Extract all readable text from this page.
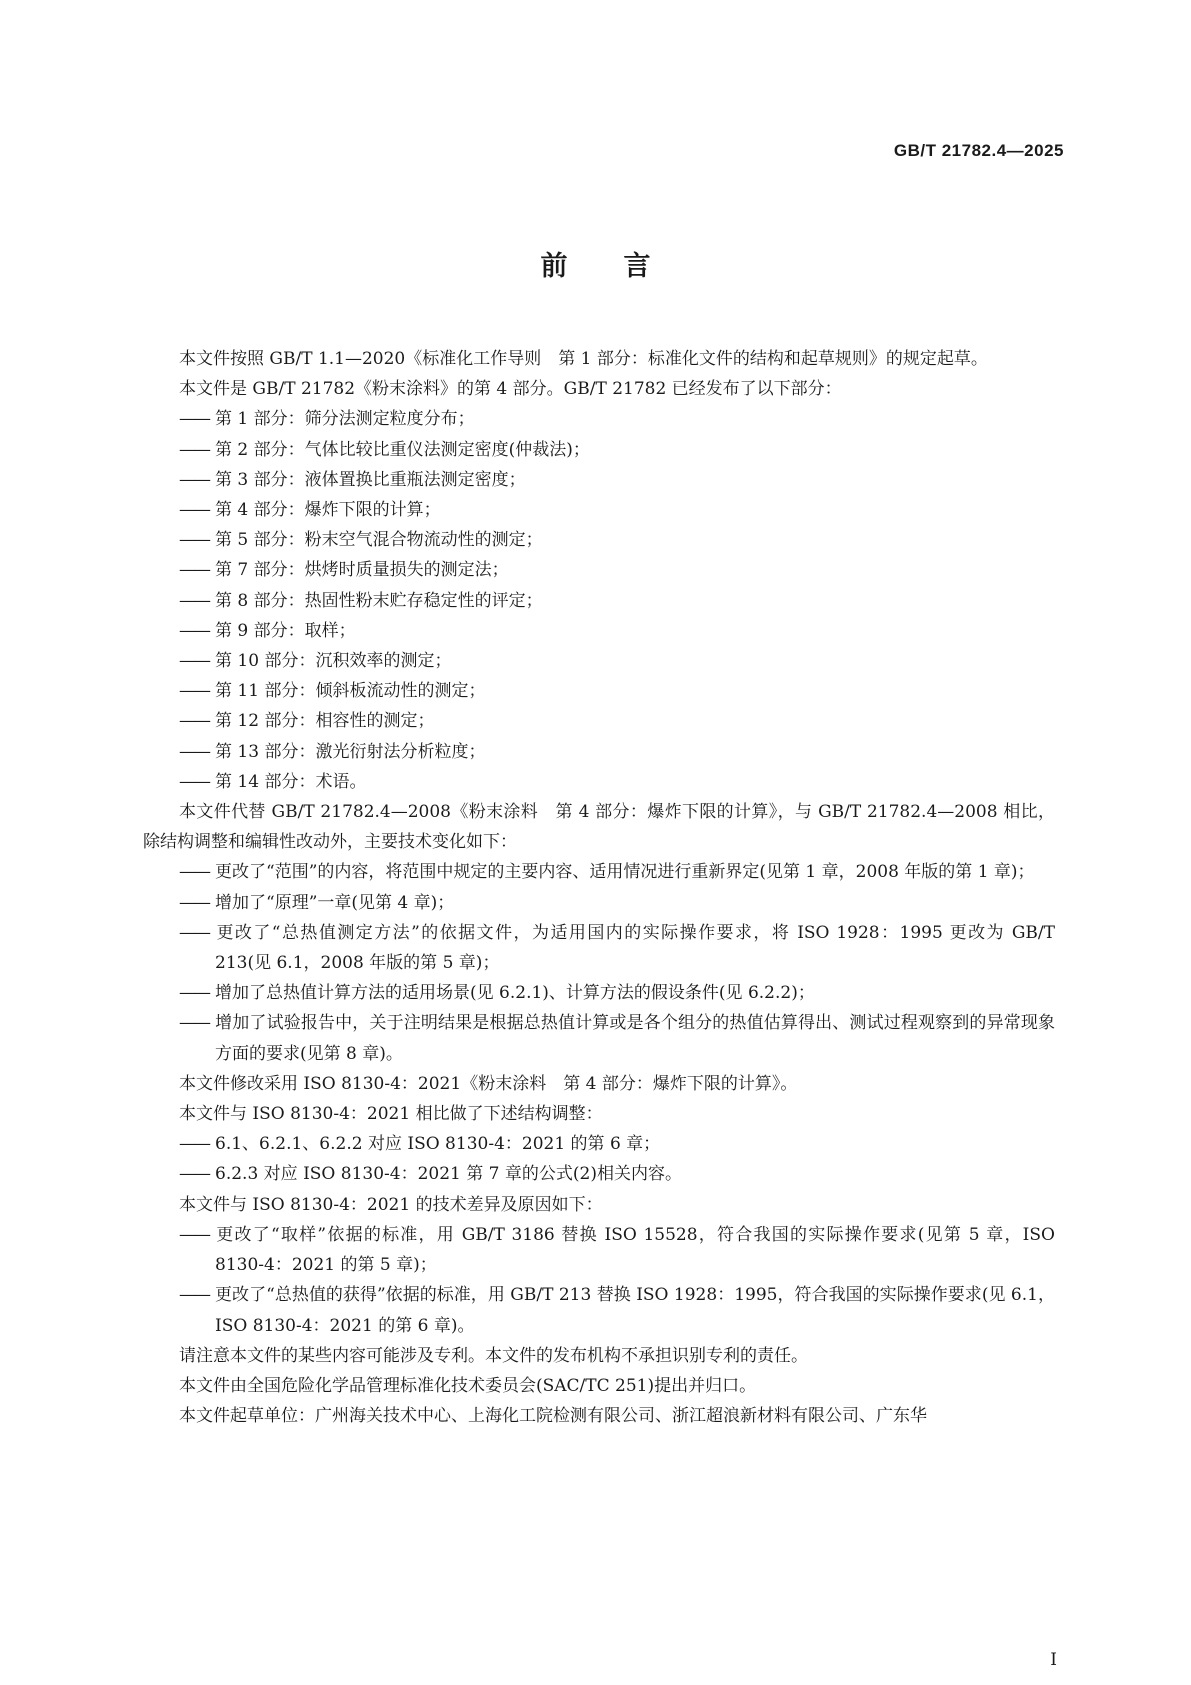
GB/T 21782.4—2025
前言

本文件按照 GB/T 1.1—2020《标准化工作导则　第 1 部分：标准化文件的结构和起草规则》的规定起草。

本文件是 GB/T 21782《粉末涂料》的第 4 部分。GB/T 21782 已经发布了以下部分：

—— 第 1 部分：筛分法测定粒度分布；

—— 第 2 部分：气体比较比重仪法测定密度(仲裁法)；

—— 第 3 部分：液体置换比重瓶法测定密度；

—— 第 4 部分：爆炸下限的计算；

—— 第 5 部分：粉末空气混合物流动性的测定；

—— 第 7 部分：烘烤时质量损失的测定法；

—— 第 8 部分：热固性粉末贮存稳定性的评定；

—— 第 9 部分：取样；

—— 第 10 部分：沉积效率的测定；

—— 第 11 部分：倾斜板流动性的测定；

—— 第 12 部分：相容性的测定；

—— 第 13 部分：激光衍射法分析粒度；

—— 第 14 部分：术语。

本文件代替 GB/T 21782.4—2008《粉末涂料　第 4 部分：爆炸下限的计算》，与 GB/T 21782.4—2008 相比，除结构调整和编辑性改动外，主要技术变化如下：

—— 更改了“范围”的内容，将范围中规定的主要内容、适用情况进行重新界定(见第 1 章，2008 年版的第 1 章)；

—— 增加了“原理”一章(见第 4 章)；

—— 更改了“总热值测定方法”的依据文件，为适用国内的实际操作要求，将 ISO 1928：1995 更改为 GB/T 213(见 6.1，2008 年版的第 5 章)；

—— 增加了总热值计算方法的适用场景(见 6.2.1)、计算方法的假设条件(见 6.2.2)；

—— 增加了试验报告中，关于注明结果是根据总热值计算或是各个组分的热值估算得出、测试过程观察到的异常现象方面的要求(见第 8 章)。

本文件修改采用 ISO 8130-4：2021《粉末涂料　第 4 部分：爆炸下限的计算》。

本文件与 ISO 8130-4：2021 相比做了下述结构调整：

—— 6.1、6.2.1、6.2.2 对应 ISO 8130-4：2021 的第 6 章；

—— 6.2.3 对应 ISO 8130-4：2021 第 7 章的公式(2)相关内容。

本文件与 ISO 8130-4：2021 的技术差异及原因如下：

—— 更改了“取样”依据的标准，用 GB/T 3186 替换 ISO 15528，符合我国的实际操作要求(见第 5 章，ISO 8130-4：2021 的第 5 章)；

—— 更改了“总热值的获得”依据的标准，用 GB/T 213 替换 ISO 1928：1995，符合我国的实际操作要求(见 6.1，ISO 8130-4：2021 的第 6 章)。

请注意本文件的某些内容可能涉及专利。本文件的发布机构不承担识别专利的责任。

本文件由全国危险化学品管理标准化技术委员会(SAC/TC 251)提出并归口。

本文件起草单位：广州海关技术中心、上海化工院检测有限公司、浙江超浪新材料有限公司、广东华

I
